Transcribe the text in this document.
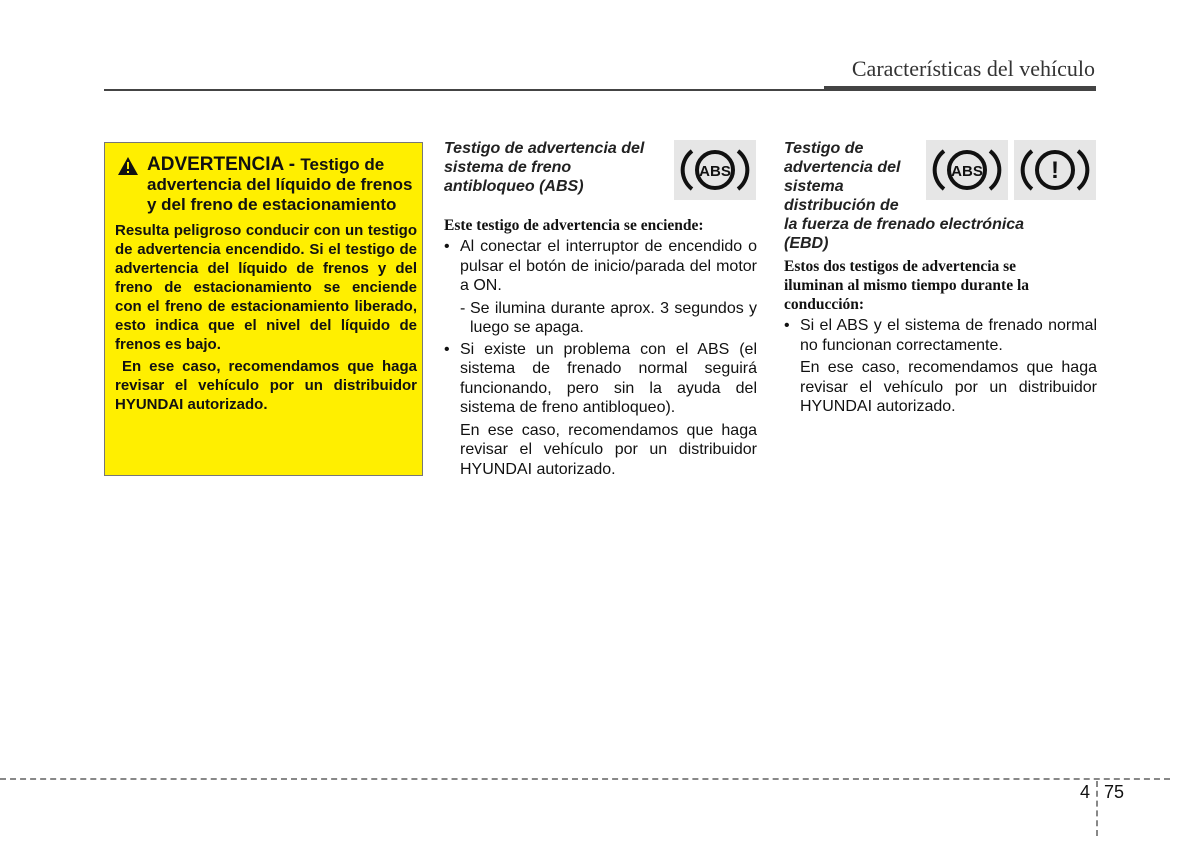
Características del vehículo
ADVERTENCIA - Testigo de advertencia del líquido de frenos y del freno de estacionamiento

Resulta peligroso conducir con un testigo de advertencia encendido. Si el testigo de advertencia del líquido de frenos y del freno de estacionamiento se enciende con el freno de estacionamiento liberado, esto indica que el nivel del líquido de frenos es bajo.

En ese caso, recomendamos que haga revisar el vehículo por un distribuidor HYUNDAI autorizado.

Testigo de advertencia del sistema de freno antibloqueo (ABS)
Este testigo de advertencia se enciende:
• Al conectar el interruptor de encendido o pulsar el botón de inicio/parada del motor a ON.
- Se ilumina durante aprox. 3 segundos y luego se apaga.
• Si existe un problema con el ABS (el sistema de frenado normal seguirá funcionando, pero sin la ayuda del sistema de freno antibloqueo).
En ese caso, recomendamos que haga revisar el vehículo por un distribuidor HYUNDAI autorizado.
ABS
Testigo de
advertencia del
sistema
distribución de
la fuerza de frenado electrónica (EBD)
Estos dos testigos de advertencia se iluminan al mismo tiempo durante la conducción:
• Si el ABS y el sistema de frenado normal no funcionan correctamente.
En ese caso, recomendamos que haga revisar el vehículo por un distribuidor HYUNDAI autorizado.
ABS	!
4 75
